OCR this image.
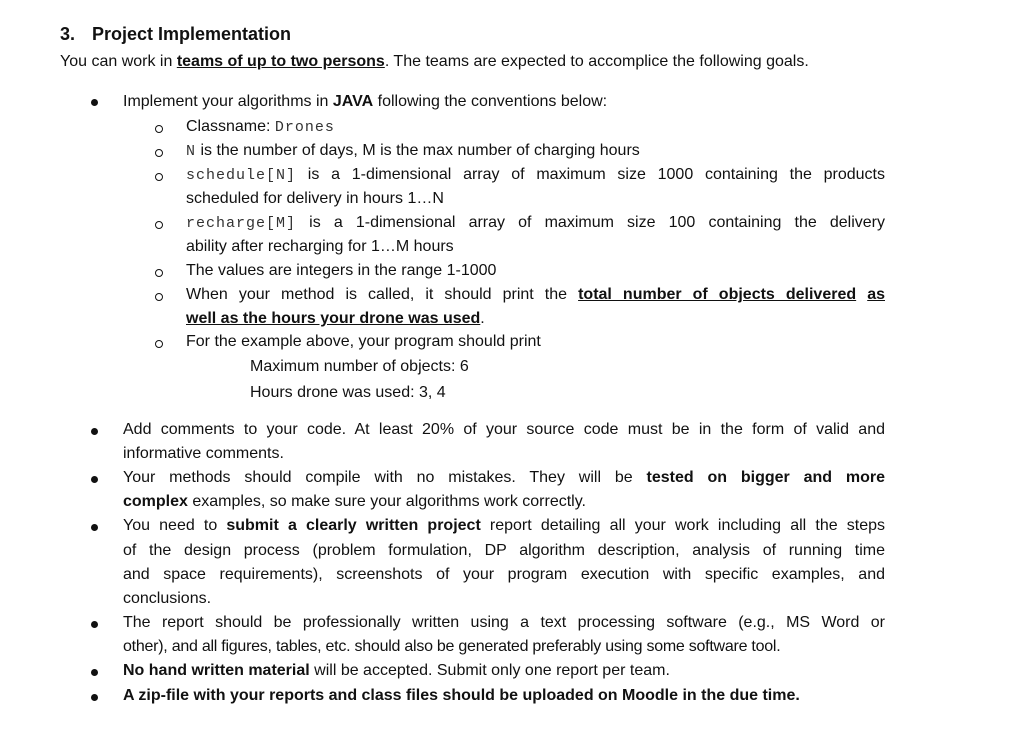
3. Project Implementation
You can work in teams of up to two persons. The teams are expected to accomplice the following goals.
Implement your algorithms in JAVA following the conventions below:
Classname: Drones
N is the number of days, M is the max number of charging hours
schedule[N] is a 1-dimensional array of maximum size 1000 containing the products
scheduled for delivery in hours 1…N
recharge[M] is a 1-dimensional array of maximum size 100 containing the delivery
ability after recharging for 1…M hours
The values are integers in the range 1-1000
When your method is called, it should print the total number of objects delivered as
well as the hours your drone was used.
For the example above, your program should print
Maximum number of objects: 6
Hours drone was used: 3, 4
Add comments to your code. At least 20% of your source code must be in the form of valid and
informative comments.
Your methods should compile with no mistakes. They will be tested on bigger and more
complex examples, so make sure your algorithms work correctly.
You need to submit a clearly written project report detailing all your work including all the steps
of the design process (problem formulation, DP algorithm description, analysis of running time
and space requirements), screenshots of your program execution with specific examples, and
conclusions.
The report should be professionally written using a text processing software (e.g., MS Word or
other), and all figures, tables, etc. should also be generated preferably using some software tool.
No hand written material will be accepted. Submit only one report per team.
A zip-file with your reports and class files should be uploaded on Moodle in the due time.
